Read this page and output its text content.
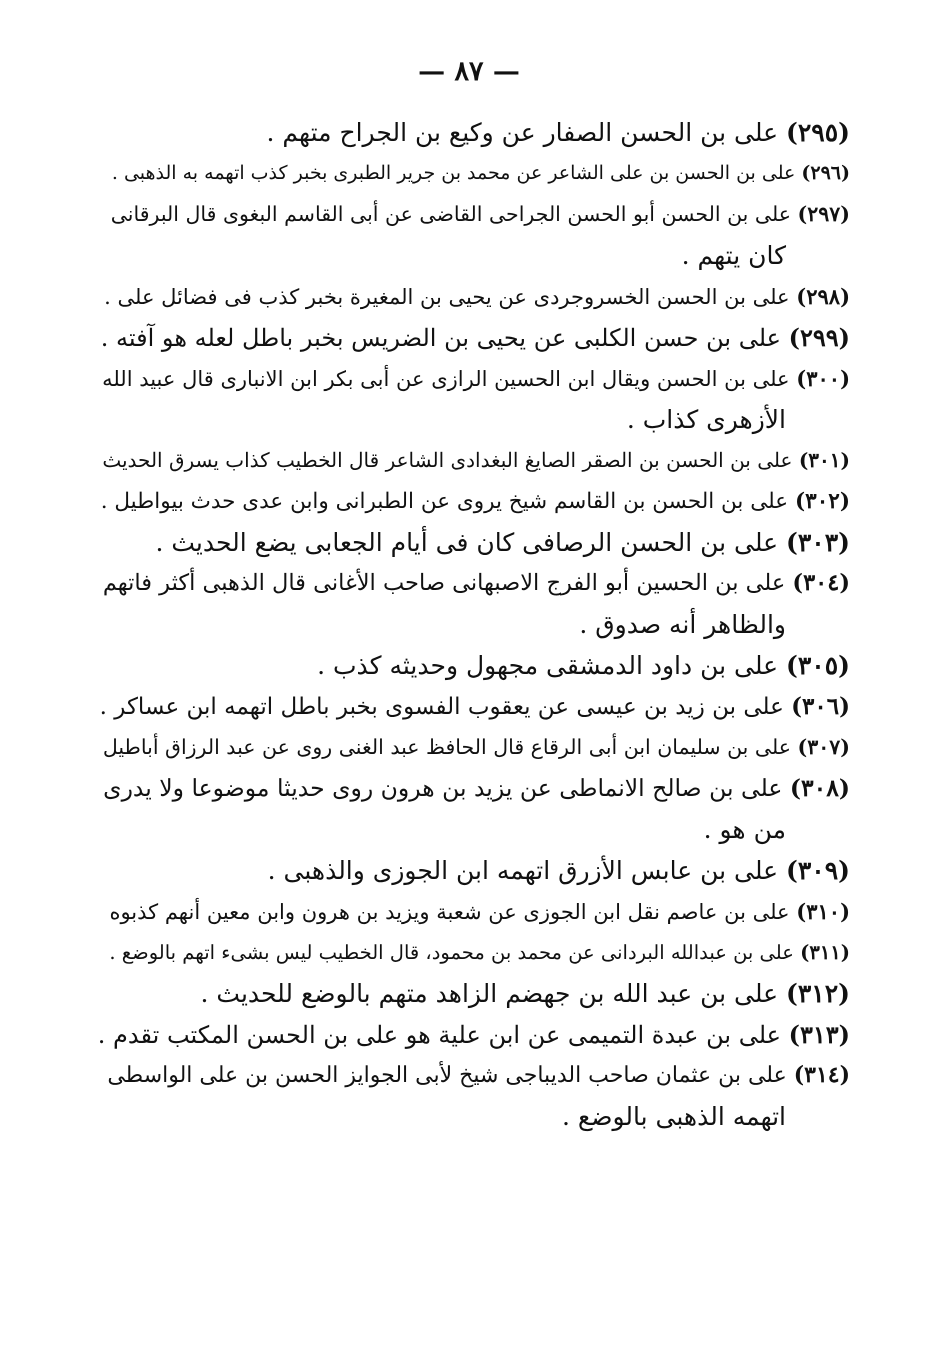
— ٨٧ —
(٢٩٥) على بن الحسن الصفار عن وكيع بن الجراح متهم .
(٢٩٦) على بن الحسن بن على الشاعر عن محمد بن جرير الطبرى بخبر كذب اتهمه به الذهبى .
(٢٩٧) على بن الحسن أبو الحسن الجراحى القاضى عن أبى القاسم البغوى قال البرقانى
كان يتهم .
(٢٩٨) على بن الحسن الخسروجردى عن يحيى بن المغيرة بخبر كذب فى فضائل على .
(٢٩٩) على بن حسن الكلبى عن يحيى بن الضريس بخبر باطل لعله هو آفته .
(٣٠٠) على بن الحسن ويقال ابن الحسين الرازى عن أبى بكر ابن الانبارى قال عبيد الله
الأزهرى كذاب .
(٣٠١) على بن الحسن بن الصقر الصايغ البغدادى الشاعر قال الخطيب كذاب يسرق الحديث
(٣٠٢) على بن الحسن بن القاسم شيخ يروى عن الطبرانى وابن عدى حدث بيواطيل .
(٣٠٣) على بن الحسن الرصافى كان فى أيام الجعابى يضع الحديث .
(٣٠٤) على بن الحسين أبو الفرج الاصبهانى صاحب الأغانى قال الذهبى أكثر فاتهم
والظاهر أنه صدوق .
(٣٠٥) على بن داود الدمشقى مجهول وحديثه كذب .
(٣٠٦) على بن زيد بن عيسى عن يعقوب الفسوى بخبر باطل اتهمه ابن عساكر .
(٣٠٧) على بن سليمان ابن أبى الرقاع قال الحافظ عبد الغنى روى عن عبد الرزاق أباطيل
(٣٠٨) على بن صالح الانماطى عن يزيد بن هرون روى حديثا موضوعا ولا يدرى
من هو .
(٣٠٩) على بن عابس الأزرق اتهمه ابن الجوزى والذهبى .
(٣١٠) على بن عاصم نقل ابن الجوزى عن شعبة ويزيد بن هرون وابن معين أنهم كذبوه
(٣١١) على بن عبدالله البردانى عن محمد بن محمود، قال الخطيب ليس بشىء اتهم بالوضع .
(٣١٢) على بن عبد الله بن جهضم الزاهد متهم بالوضع للحديث .
(٣١٣) على بن عبدة التميمى عن ابن علية هو على بن الحسن المكتب تقدم .
(٣١٤) على بن عثمان صاحب الديباجى شيخ لأبى الجوايز الحسن بن على الواسطى
اتهمه الذهبى بالوضع .
